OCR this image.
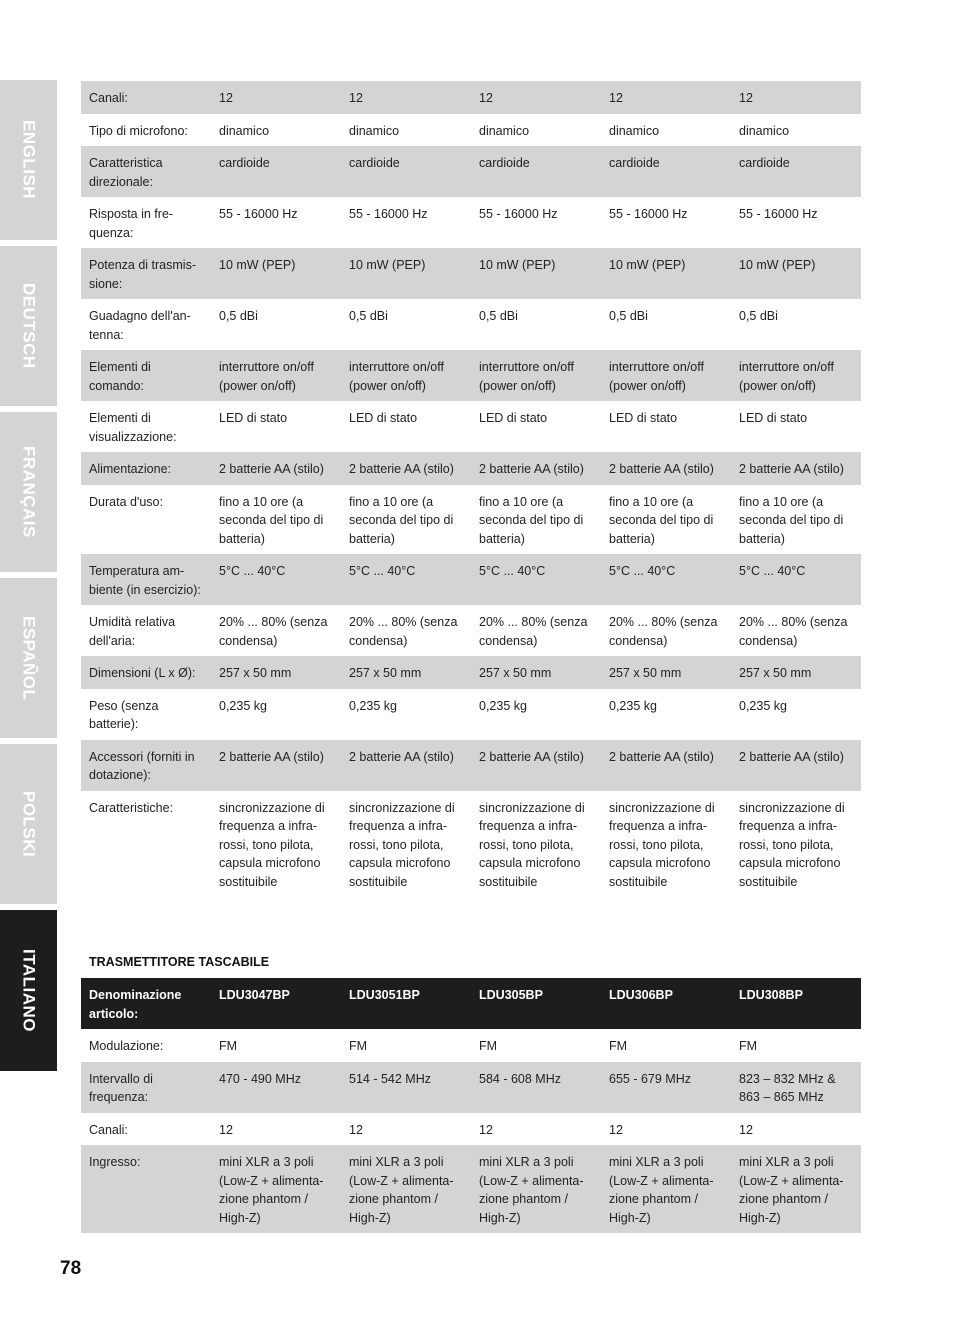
ENGLISH
DEUTSCH
FRANÇAIS
ESPAÑOL
POLSKI
ITALIANO
Canali:	12	12	12	12	12
Tipo di microfono:	dinamico	dinamico	dinamico	dinamico	dinamico
Caratteristica direzionale:	cardioide	cardioide	cardioide	cardioide	cardioide
Risposta in frequenza:	55 - 16000 Hz	55 - 16000 Hz	55 - 16000 Hz	55 - 16000 Hz	55 - 16000 Hz
Potenza di trasmissione:	10 mW (PEP)	10 mW (PEP)	10 mW (PEP)	10 mW (PEP)	10 mW (PEP)
Guadagno dell'antenna:	0,5 dBi	0,5 dBi	0,5 dBi	0,5 dBi	0,5 dBi
Elementi di comando:	interruttore on/off (power on/off)	interruttore on/off (power on/off)	interruttore on/off (power on/off)	interruttore on/off (power on/off)	interruttore on/off (power on/off)
Elementi di visualizzazione:	LED di stato	LED di stato	LED di stato	LED di stato	LED di stato
Alimentazione:	2 batterie AA (stilo)	2 batterie AA (stilo)	2 batterie AA (stilo)	2 batterie AA (stilo)	2 batterie AA (stilo)
Durata d'uso:	fino a 10 ore (a seconda del tipo di batteria)	fino a 10 ore (a seconda del tipo di batteria)	fino a 10 ore (a seconda del tipo di batteria)	fino a 10 ore (a seconda del tipo di batteria)	fino a 10 ore (a seconda del tipo di batteria)
Temperatura ambiente (in esercizio):	5°C ... 40°C	5°C ... 40°C	5°C ... 40°C	5°C ... 40°C	5°C ... 40°C
Umidità relativa dell'aria:	20% ... 80% (senza condensa)	20% ... 80% (senza condensa)	20% ... 80% (senza condensa)	20% ... 80% (senza condensa)	20% ... 80% (senza condensa)
Dimensioni (L x Ø):	257 x 50 mm	257 x 50 mm	257 x 50 mm	257 x 50 mm	257 x 50 mm
Peso (senza batterie):	0,235 kg	0,235 kg	0,235 kg	0,235 kg	0,235 kg
Accessori (forniti in dotazione):	2 batterie AA (stilo)	2 batterie AA (stilo)	2 batterie AA (stilo)	2 batterie AA (stilo)	2 batterie AA (stilo)
Caratteristiche:	sincronizzazione di frequenza a infrarossi, tono pilota, capsula microfono sostituibile	sincronizzazione di frequenza a infrarossi, tono pilota, capsula microfono sostituibile	sincronizzazione di frequenza a infrarossi, tono pilota, capsula microfono sostituibile	sincronizzazione di frequenza a infrarossi, tono pilota, capsula microfono sostituibile	sincronizzazione di frequenza a infrarossi, tono pilota, capsula microfono sostituibile
TRASMETTITORE TASCABILE
Denominazione articolo:	LDU3047BP	LDU3051BP	LDU305BP	LDU306BP	LDU308BP
Modulazione:	FM	FM	FM	FM	FM
Intervallo di frequenza:	470 - 490 MHz	514 - 542 MHz	584 - 608 MHz	655 - 679 MHz	823 – 832 MHz & 863 – 865 MHz
Canali:	12	12	12	12	12
Ingresso:	mini XLR a 3 poli (Low-Z + alimentazione phantom / High-Z)	mini XLR a 3 poli (Low-Z + alimentazione phantom / High-Z)	mini XLR a 3 poli (Low-Z + alimentazione phantom / High-Z)	mini XLR a 3 poli (Low-Z + alimentazione phantom / High-Z)	mini XLR a 3 poli (Low-Z + alimentazione phantom / High-Z)
78
